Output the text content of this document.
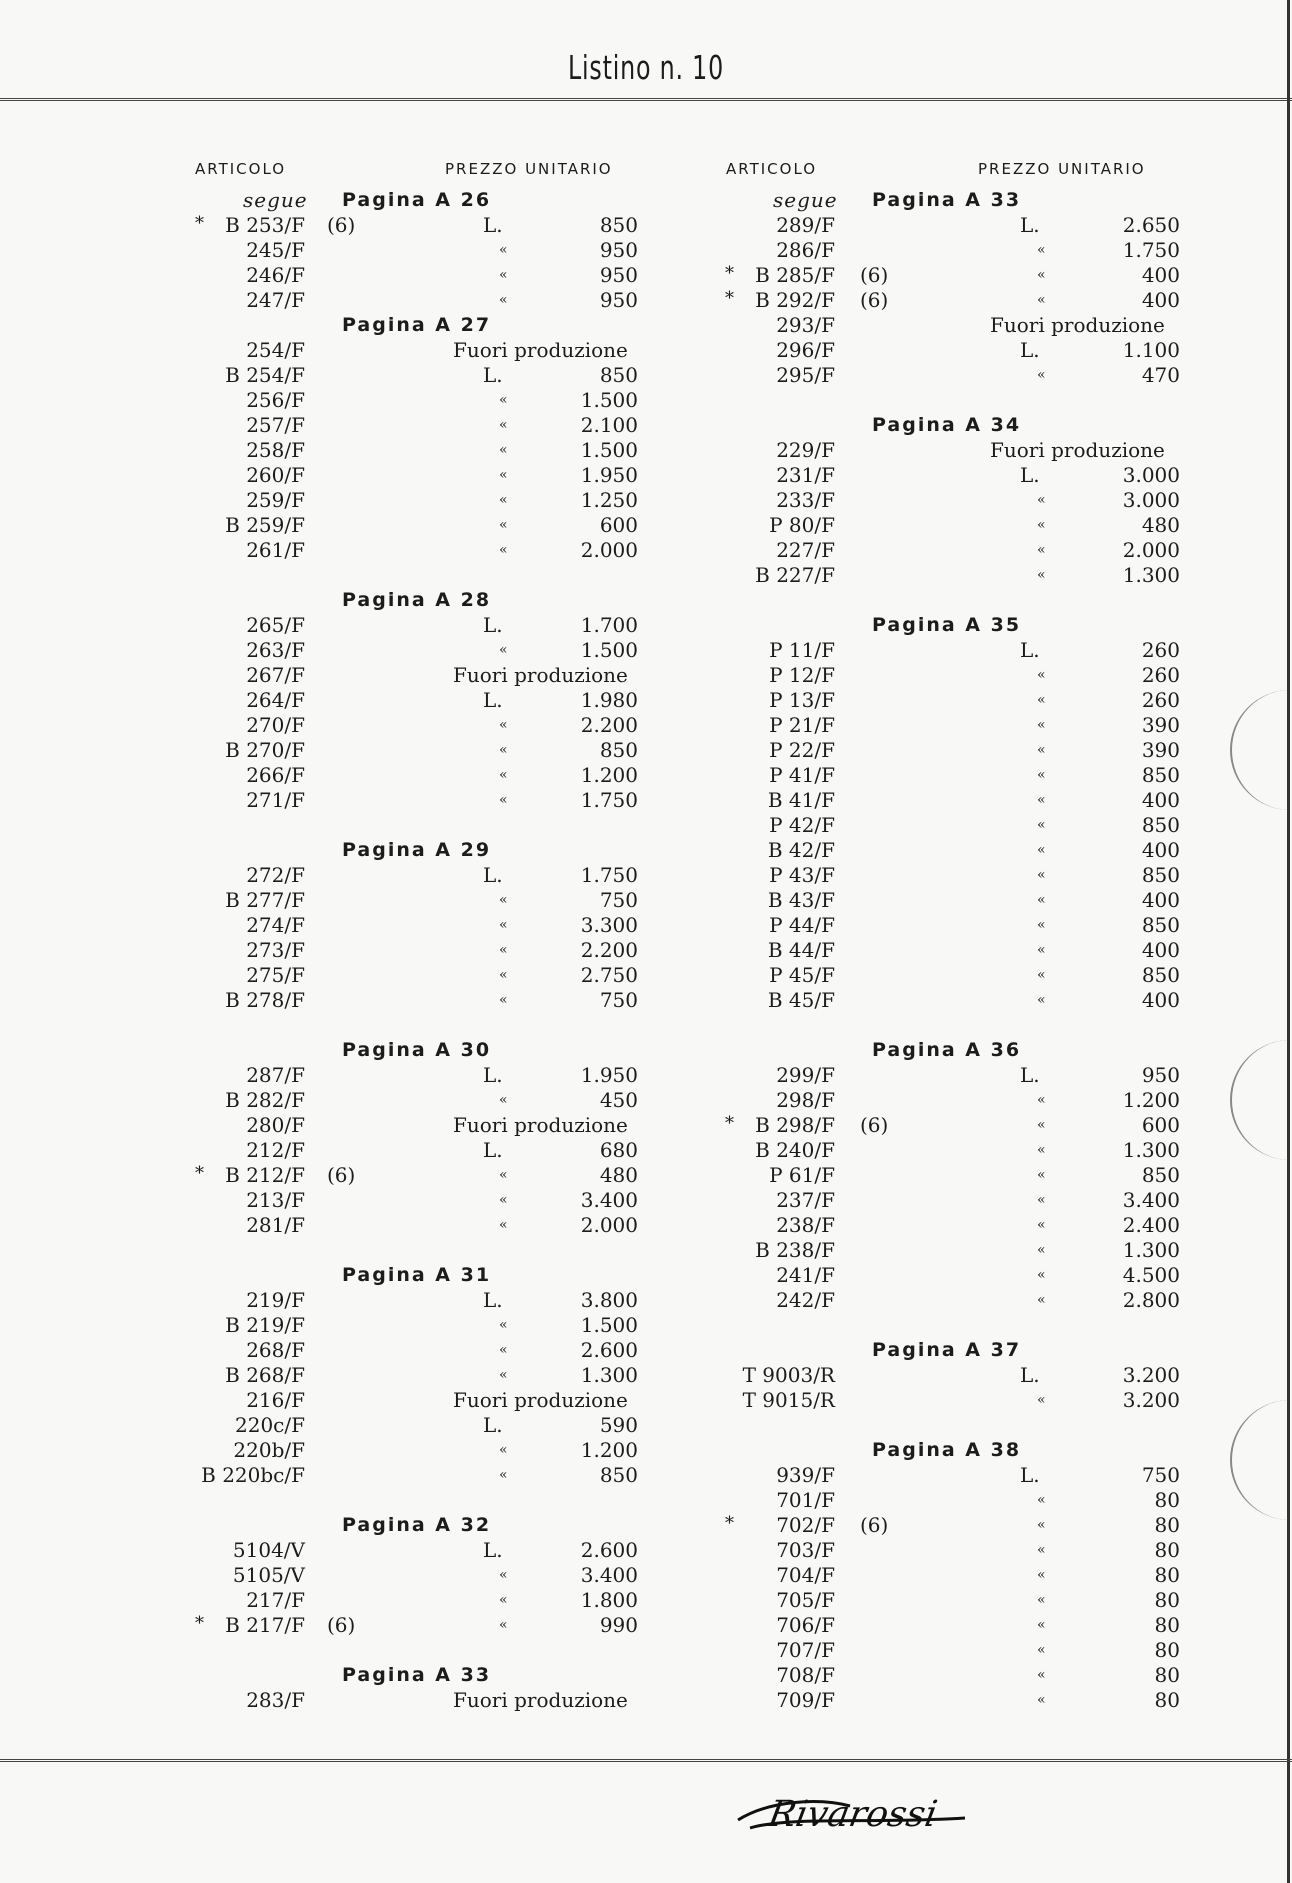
Listino n. 10
ARTICOLO	PREZZO UNITARIO	ARTICOLO	PREZZO UNITARIO
segue Pagina A 26
*	B 253/F (6)	L.	850
245/F	«	950
246/F	«	950
247/F	«	950
Pagina A 27
254/F	Fuori produzione
B 254/F	L.	850
256/F	«	1.500
257/F	«	2.100
258/F	«	1.500
260/F	«	1.950
259/F	«	1.250
B 259/F	«	600
261/F	«	2.000
Pagina A 28
265/F	L.	1.700
263/F	«	1.500
267/F	Fuori produzione
264/F	L.	1.980
270/F	«	2.200
B 270/F	«	850
266/F	«	1.200
271/F	«	1.750
Pagina A 29
272/F	L.	1.750
B 277/F	«	750
274/F	«	3.300
273/F	«	2.200
275/F	«	2.750
B 278/F	«	750
Pagina A 30
287/F	L.	1.950
B 282/F	«	450
280/F	Fuori produzione
212/F	L.	680
*	B 212/F (6)	«	480
213/F	«	3.400
281/F	«	2.000
Pagina A 31
219/F	L.	3.800
B 219/F	«	1.500
268/F	«	2.600
B 268/F	«	1.300
216/F	Fuori produzione
220c/F	L.	590
220b/F	«	1.200
B 220bc/F	«	850
Pagina A 32
5104/V	L.	2.600
5105/V	«	3.400
217/F	«	1.800
*	B 217/F (6)	«	990
Pagina A 33
283/F	Fuori produzione
segue Pagina A 33
289/F	L.	2.650
286/F	«	1.750
*	B 285/F (6)	«	400
*	B 292/F (6)	«	400
293/F	Fuori produzione
296/F	L.	1.100
295/F	«	470
Pagina A 34
229/F	Fuori produzione
231/F	L.	3.000
233/F	«	3.000
P 80/F	«	480
227/F	«	2.000
B 227/F	«	1.300
Pagina A 35
P 11/F	L.	260
P 12/F	«	260
P 13/F	«	260
P 21/F	«	390
P 22/F	«	390
P 41/F	«	850
B 41/F	«	400
P 42/F	«	850
B 42/F	«	400
P 43/F	«	850
B 43/F	«	400
P 44/F	«	850
B 44/F	«	400
P 45/F	«	850
B 45/F	«	400
Pagina A 36
299/F	L.	950
298/F	«	1.200
*	B 298/F (6)	«	600
B 240/F	«	1.300
P 61/F	«	850
237/F	«	3.400
238/F	«	2.400
B 238/F	«	1.300
241/F	«	4.500
242/F	«	2.800
Pagina A 37
T 9003/R	L.	3.200
T 9015/R	«	3.200
Pagina A 38
939/F	L.	750
701/F	«	80
*	702/F (6)	«	80
703/F	«	80
704/F	«	80
705/F	«	80
706/F	«	80
707/F	«	80
708/F	«	80
709/F	«	80
Rivarossi
